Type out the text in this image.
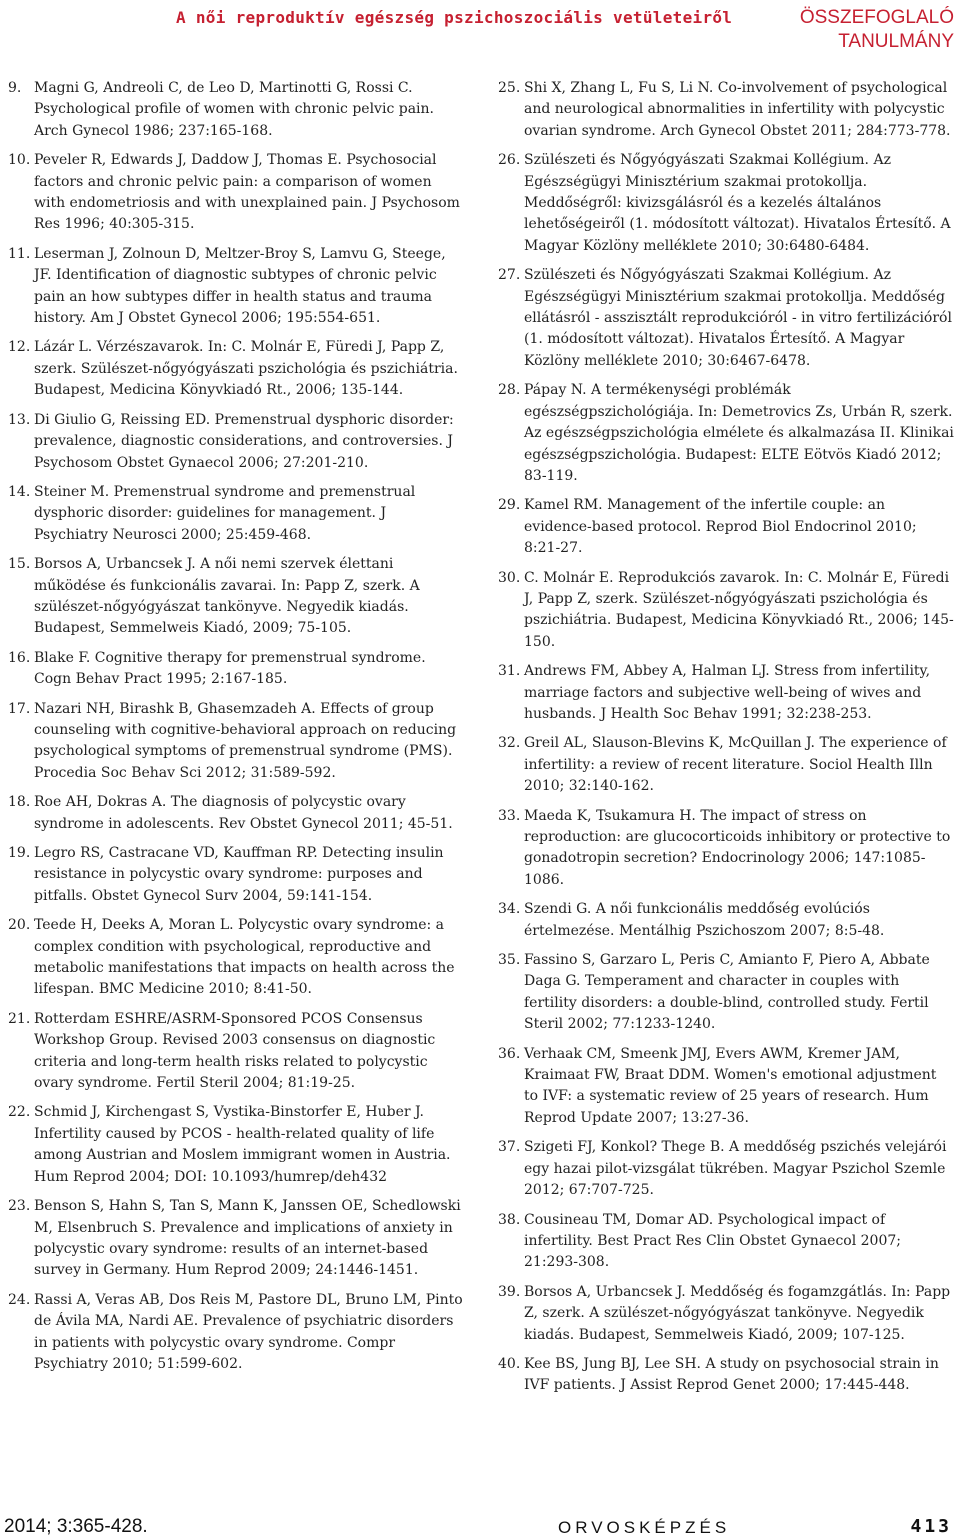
A női reproduktív egészség pszichoszociális vetületeiről	ÖSSZEFOGLALÓ TANULMÁNY
9. Magni G, Andreoli C, de Leo D, Martinotti G, Rossi C. Psychological profile of women with chronic pelvic pain. Arch Gynecol 1986; 237:165-168.
10. Peveler R, Edwards J, Daddow J, Thomas E. Psychosocial factors and chronic pelvic pain: a comparison of women with endometriosis and with unexplained pain. J Psychosom Res 1996; 40:305-315.
11. Leserman J, Zolnoun D, Meltzer-Broy S, Lamvu G, Steege, JF. Identification of diagnostic subtypes of chronic pelvic pain an how subtypes differ in health status and trauma history. Am J Obstet Gynecol 2006; 195:554-651.
12. Lázár L. Vérzészavarok. In: C. Molnár E, Füredi J, Papp Z, szerk. Szülészet-nőgyógyászati pszichológia és pszichiátria. Budapest, Medicina Könyvkiadó Rt., 2006; 135-144.
13. Di Giulio G, Reissing ED. Premenstrual dysphoric disorder: prevalence, diagnostic considerations, and controversies. J Psychosom Obstet Gynaecol 2006; 27:201-210.
14. Steiner M. Premenstrual syndrome and premenstrual dysphoric disorder: guidelines for management. J Psychiatry Neurosci 2000; 25:459-468.
15. Borsos A, Urbancsek J. A női nemi szervek élettani működése és funkcionális zavarai. In: Papp Z, szerk. A szülészet-nőgyógyászat tankönyve. Negyedik kiadás. Budapest, Semmelweis Kiadó, 2009; 75-105.
16. Blake F. Cognitive therapy for premenstrual syndrome. Cogn Behav Pract 1995; 2:167-185.
17. Nazari NH, Birashk B, Ghasemzadeh A. Effects of group counseling with cognitive-behavioral approach on reducing psychological symptoms of premenstrual syndrome (PMS). Procedia Soc Behav Sci 2012; 31:589-592.
18. Roe AH, Dokras A. The diagnosis of polycystic ovary syndrome in adolescents. Rev Obstet Gynecol 2011; 45-51.
19. Legro RS, Castracane VD, Kauffman RP. Detecting insulin resistance in polycystic ovary syndrome: purposes and pitfalls. Obstet Gynecol Surv 2004, 59:141-154.
20. Teede H, Deeks A, Moran L. Polycystic ovary syndrome: a complex condition with psychological, reproductive and metabolic manifestations that impacts on health across the lifespan. BMC Medicine 2010; 8:41-50.
21. Rotterdam ESHRE/ASRM-Sponsored PCOS Consensus Workshop Group. Revised 2003 consensus on diagnostic criteria and long-term health risks related to polycystic ovary syndrome. Fertil Steril 2004; 81:19-25.
22. Schmid J, Kirchengast S, Vystika-Binstorfer E, Huber J. Infertility caused by PCOS - health-related quality of life among Austrian and Moslem immigrant women in Austria. Hum Reprod 2004; DOI: 10.1093/humrep/deh432
23. Benson S, Hahn S, Tan S, Mann K, Janssen OE, Schedlowski M, Elsenbruch S. Prevalence and implications of anxiety in polycystic ovary syndrome: results of an internet-based survey in Germany. Hum Reprod 2009; 24:1446-1451.
24. Rassi A, Veras AB, Dos Reis M, Pastore DL, Bruno LM, Pinto de Ávila MA, Nardi AE. Prevalence of psychiatric disorders in patients with polycystic ovary syndrome. Compr Psychiatry 2010; 51:599-602.
25. Shi X, Zhang L, Fu S, Li N. Co-involvement of psychological and neurological abnormalities in infertility with polycystic ovarian syndrome. Arch Gynecol Obstet 2011; 284:773-778.
26. Szülészeti és Nőgyógyászati Szakmai Kollégium. Az Egészségügyi Minisztérium szakmai protokollja. Meddőségről: kivizsgálásról és a kezelés általános lehetőségeiről (1. módosított változat). Hivatalos Értesítő. A Magyar Közlöny melléklete 2010; 30:6480-6484.
27. Szülészeti és Nőgyógyászati Szakmai Kollégium. Az Egészségügyi Minisztérium szakmai protokollja. Meddőség ellátásról - asszisztált reprodukcióról - in vitro fertilizációról (1. módosított változat). Hivatalos Értesítő. A Magyar Közlöny melléklete 2010; 30:6467-6478.
28. Pápay N. A termékenységi problémák egészségpszichológiája. In: Demetrovics Zs, Urbán R, szerk. Az egészségpszichológia elmélete és alkalmazása II. Klinikai egészségpszichológia. Budapest: ELTE Eötvös Kiadó 2012; 83-119.
29. Kamel RM. Management of the infertile couple: an evidence-based protocol. Reprod Biol Endocrinol 2010; 8:21-27.
30. C. Molnár E. Reprodukciós zavarok. In: C. Molnár E, Füredi J, Papp Z, szerk. Szülészet-nőgyógyászati pszichológia és pszichiátria. Budapest, Medicina Könyvkiadó Rt., 2006; 145-150.
31. Andrews FM, Abbey A, Halman LJ. Stress from infertility, marriage factors and subjective well-being of wives and husbands. J Health Soc Behav 1991; 32:238-253.
32. Greil AL, Slauson-Blevins K, McQuillan J. The experience of infertility: a review of recent literature. Sociol Health Illn 2010; 32:140-162.
33. Maeda K, Tsukamura H. The impact of stress on reproduction: are glucocorticoids inhibitory or protective to gonadotropin secretion? Endocrinology 2006; 147:1085-1086.
34. Szendi G. A női funkcionális meddőség evolúciós értelmezése. Mentálhig Pszichoszom 2007; 8:5-48.
35. Fassino S, Garzaro L, Peris C, Amianto F, Piero A, Abbate Daga G. Temperament and character in couples with fertility disorders: a double-blind, controlled study. Fertil Steril 2002; 77:1233-1240.
36. Verhaak CM, Smeenk JMJ, Evers AWM, Kremer JAM, Kraimaat FW, Braat DDM. Women's emotional adjustment to IVF: a systematic review of 25 years of research. Hum Reprod Update 2007; 13:27-36.
37. Szigeti FJ, Konkol? Thege B. A meddőség pszichés velejárói egy hazai pilot-vizsgálat tükrében. Magyar Pszichol Szemle 2012; 67:707-725.
38. Cousineau TM, Domar AD. Psychological impact of infertility. Best Pract Res Clin Obstet Gynaecol 2007; 21:293-308.
39. Borsos A, Urbancsek J. Meddőség és fogamzgátlás. In: Papp Z, szerk. A szülészet-nőgyógyászat tankönyve. Negyedik kiadás. Budapest, Semmelweis Kiadó, 2009; 107-125.
40. Kee BS, Jung BJ, Lee SH. A study on psychosocial strain in IVF patients. J Assist Reprod Genet 2000; 17:445-448.
2014; 3:365-428.	ORVOSKÉPZÉS	413
